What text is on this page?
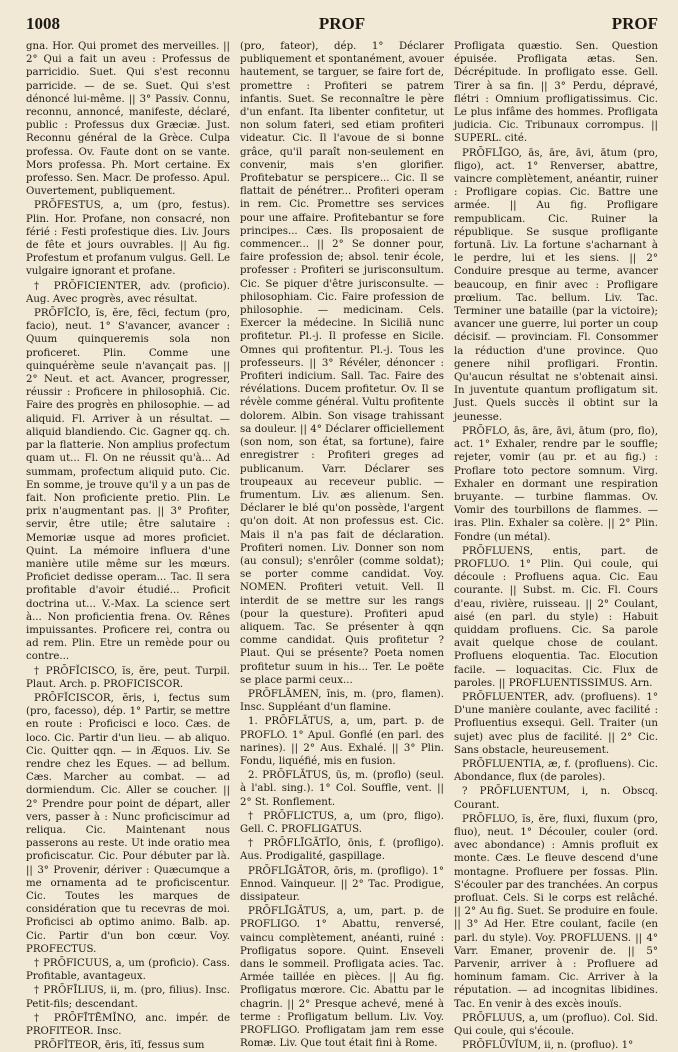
1008	PROF	PROF

gna. Hor. Qui promet des merveilles. || 2° Qui a fait un aveu : Professus de parricidio. Suet. Qui s'est reconnu parricide. — de se. Suet. Qui s'est dénoncé lui-même. || 3° Passiv. Connu, reconnu, annoncé, manifeste, déclaré, public : Professus dux Græciæ. Just. Reconnu général de la Grèce. Culpa professa. Ov. Faute dont on se vante. Mors professa. Ph. Mort certaine. Ex professo. Sen. Macr. De professo. Apul. Ouvertement, publiquement.

PRŌFESTUS, a, um (pro, festus). Plin. Hor. Profane, non consacré, non férié : Festi profestique dies. Liv. Jours de fête et jours ouvrables. || Au fig. Profestum et profanum vulgus. Gell. Le vulgaire ignorant et profane.

† PRŌFICIENTER, adv. (proficio). Aug. Avec progrès, avec résultat.

PRŌFĬCĬO, ĭs, ĕre, fēci, fectum (pro, facio), neut. 1° S'avancer, avancer : Quum quinqueremis sola non proficeret. Plin. Comme une quinquérème seule n'avançait pas. || 2° Neut. et act. Avancer, progresser, réussir : Proficere in philosophiā. Cic. Faire des progrès en philosophie. — ad aliquid. Fl. Arriver à un résultat. — aliquid blandiendo. Cic. Gagner qq. ch. par la flatterie. Non amplius profectum quam ut... Fl. On ne réussit qu'à... Ad summam, profectum aliquid puto. Cic. En somme, je trouve qu'il y a un pas de fait. Non proficiente pretio. Plin. Le prix n'augmentant pas. || 3° Profiter, servir, être utile; être salutaire : Memoriæ usque ad mores proficiet. Quint. La mémoire influera d'une manière utile même sur les mœurs. Proficiet dedisse operam... Tac. Il sera profitable d'avoir étudié... Proficit doctrina ut... V.-Max. La science sert à... Non proficientia frena. Ov. Rênes impuissantes. Proficere rei, contra ou ad rem. Plin. Etre un remède pour ou contre...

† PRŌFĬCISCO, ĭs, ĕre, peut. Turpil. Plaut. Arch. p. PROFICISCOR.

PRŌFĬCISCOR, ĕris, i, fectus sum (pro, facesso), dép. 1° Partir, se mettre en route : Proficisci e loco. Cæs. de loco. Cic. Partir d'un lieu. — ab aliquo. Cic. Quitter qqn. — in Æquos. Liv. Se rendre chez les Eques. — ad bellum. Cæs. Marcher au combat. — ad dormiendum. Cic. Aller se coucher. || 2° Prendre pour point de départ, aller vers, passer à : Nunc proficiscimur ad reliqua. Cic. Maintenant nous passerons au reste. Ut inde oratio mea proficiscatur. Cic. Pour débuter par là. || 3° Provenir, dériver : Quæcumque a me ornamenta ad te proficiscentur. Cic. Toutes les marques de considération que tu recevras de moi. Proficisci ab optimo animo. Balb. ap. Cic. Partir d'un bon cœur. Voy. PROFECTUS.

† PRŌFICUUS, a, um (proficio). Cass. Profitable, avantageux.

† PRŌFĪLIUS, ii, m. (pro, filius). Insc. Petit-fils; descendant.

† PRŌFĪTĒMĬNO, anc. impér. de PROFITEOR. Insc.

PRŌFĬTEOR, ēris, ĭtī, fessus sum

(pro, fateor), dép. 1° Déclarer publiquement et spontanément, avouer hautement, se targuer, se faire fort de, promettre : Profiteri se patrem infantis. Suet. Se reconnaître le père d'un enfant. Ita libenter confitetur, ut non solum fateri, sed etiam profiteri videatur. Cic. Il l'avoue de si bonne grâce, qu'il paraît non-seulement en convenir, mais s'en glorifier. Profitebatur se perspicere... Cic. Il se flattait de pénétrer... Profiteri operam in rem. Cic. Promettre ses services pour une affaire. Profitebantur se fore principes... Cæs. Ils proposaient de commencer... || 2° Se donner pour, faire profession de; absol. tenir école, professer : Profiteri se jurisconsultum. Cic. Se piquer d'être jurisconsulte. — philosophiam. Cic. Faire profession de philosophie. — medicinam. Cels. Exercer la médecine. In Siciliā nunc profitetur. Pl.-j. Il professe en Sicile. Omnes qui profitentur. Pl.-j. Tous les professeurs. || 3° Révéler, dénoncer : Profiteri indicium. Sall. Tac. Faire des révélations. Ducem profitetur. Ov. Il se révèle comme général. Vultu profitente dolorem. Albin. Son visage trahissant sa douleur. || 4° Déclarer officiellement (son nom, son état, sa fortune), faire enregistrer : Profiteri greges ad publicanum. Varr. Déclarer ses troupeaux au receveur public. — frumentum. Liv. æs alienum. Sen. Déclarer le blé qu'on possède, l'argent qu'on doit. At non professus est. Cic. Mais il n'a pas fait de déclaration. Profiteri nomen. Liv. Donner son nom (au consul); s'enrôler (comme soldat); se porter comme candidat. Voy. NOMEN. Profiteri vetuit. Vell. Il interdit de se mettre sur les rangs (pour la questure). Profiteri apud aliquem. Tac. Se présenter à qqn comme candidat. Quis profitetur ? Plaut. Qui se présente? Poeta nomen profitetur suum in his... Ter. Le poëte se place parmi ceux...

PRŌFLĀMEN, ĭnis, m. (pro, flamen). Insc. Suppléant d'un flamine.

1. PRŌFLĀTUS, a, um, part. p. de PROFLO. 1° Apul. Gonflé (en parl. des narines). || 2° Aus. Exhalé. || 3° Plin. Fondu, liquéfié, mis en fusion.

2. PRŌFLĀTUS, ūs, m. (proflo) (seul. à l'abl. sing.). 1° Col. Souffle, vent. || 2° St. Ronflement.

† PRŌFLICTUS, a, um (pro, fligo). Gell. C. PROFLIGATUS.

† PRŌFLĪGĀTĬO, ōnis, f. (profligo). Aus. Prodigalité, gaspillage.

PRŌFLĪGĀTOR, ōris, m. (profligo). 1° Ennod. Vainqueur. || 2° Tac. Prodigue, dissipateur.

PRŌFLĪGĀTUS, a, um, part. p. de PROFLIGO. 1° Abattu, renversé, vaincu complètement, anéanti, ruiné : Profligatus sopore. Quint. Enseveli dans le sommeil. Profligata acies. Tac. Armée taillée en pièces. || Au fig. Profligatus mœrore. Cic. Abattu par le chagrin. || 2° Presque achevé, mené à terme : Profligatum bellum. Liv. Voy. PROFLIGO. Profligatam jam rem esse Romæ. Liv. Que tout était fini à Rome.

Profligata quæstio. Sen. Question épuisée. Profligata ætas. Sen. Décrépitude. In profligato esse. Gell. Tirer à sa fin. || 3° Perdu, dépravé, flétri : Omnium profligatissimus. Cic. Le plus infâme des hommes. Profligata judicia. Cic. Tribunaux corrompus. || SUPERL. cité.

PRŌFLĪGO, ās, āre, āvi, ātum (pro, fligo), act. 1° Renverser, abattre, vaincre complètement, anéantir, ruiner : Profligare copias. Cic. Battre une armée. || Au fig. Profligare rempublicam. Cic. Ruiner la république. Se susque profligante fortunā. Liv. La fortune s'acharnant à le perdre, lui et les siens. || 2° Conduire presque au terme, avancer beaucoup, en finir avec : Profligare prœlium. Tac. bellum. Liv. Tac. Terminer une bataille (par la victoire); avancer une guerre, lui porter un coup décisif. — provinciam. Fl. Consommer la réduction d'une province. Quo genere nihil profligari. Frontin. Qu'aucun résultat ne s'obtenait ainsi. In juventute quantum profligatum sit. Just. Quels succès il obtint sur la jeunesse.

PRŌFLO, ās, āre, āvi, ātum (pro, flo), act. 1° Exhaler, rendre par le souffle; rejeter, vomir (au pr. et au fig.) : Proflare toto pectore somnum. Virg. Exhaler en dormant une respiration bruyante. — turbine flammas. Ov. Vomir des tourbillons de flammes. — iras. Plin. Exhaler sa colère. || 2° Plin. Fondre (un métal).

PRŌFLUENS, entis, part. de PROFLUO. 1° Plin. Qui coule, qui découle : Profluens aqua. Cic. Eau courante. || Subst. m. Cic. Fl. Cours d'eau, rivière, ruisseau. || 2° Coulant, aisé (en parl. du style) : Habuit quiddam profluens. Cic. Sa parole avait quelque chose de coulant. Profluens eloquentia. Tac. Elocution facile. — loquacitas. Cic. Flux de paroles. || PROFLUENTISSIMUS. Arn.

PRŌFLUENTER, adv. (profluens). 1° D'une manière coulante, avec facilité : Profluentius exsequi. Gell. Traiter (un sujet) avec plus de facilité. || 2° Cic. Sans obstacle, heureusement.

PRŌFLUENTIA, æ, f. (profluens). Cic. Abondance, flux (de paroles).

? PRŌFLUENTUM, i, n. Obscq. Courant.

PRŌFLUO, ĭs, ĕre, fluxi, fluxum (pro, fluo), neut. 1° Découler, couler (ord. avec abondance) : Amnis profluit ex monte. Cæs. Le fleuve descend d'une montagne. Profluere per fossas. Plin. S'écouler par des tranchées. An corpus profluat. Cels. Si le corps est relâché. || 2° Au fig. Suet. Se produire en foule. || 3° Ad Her. Etre coulant, facile (en parl. du style). Voy. PROFLUENS. || 4° Varr. Emaner, provenir de. || 5° Parvenir, arriver à : Profluere ad hominum famam. Cic. Arriver à la réputation. — ad incognitas libidines. Tac. En venir à des excès inouïs.

PRŌFLUUS, a, um (profluo). Col. Sid. Qui coule, qui s'écoule.

PRŌFLŪVĬUM, ii, n. (profluo). 1°
